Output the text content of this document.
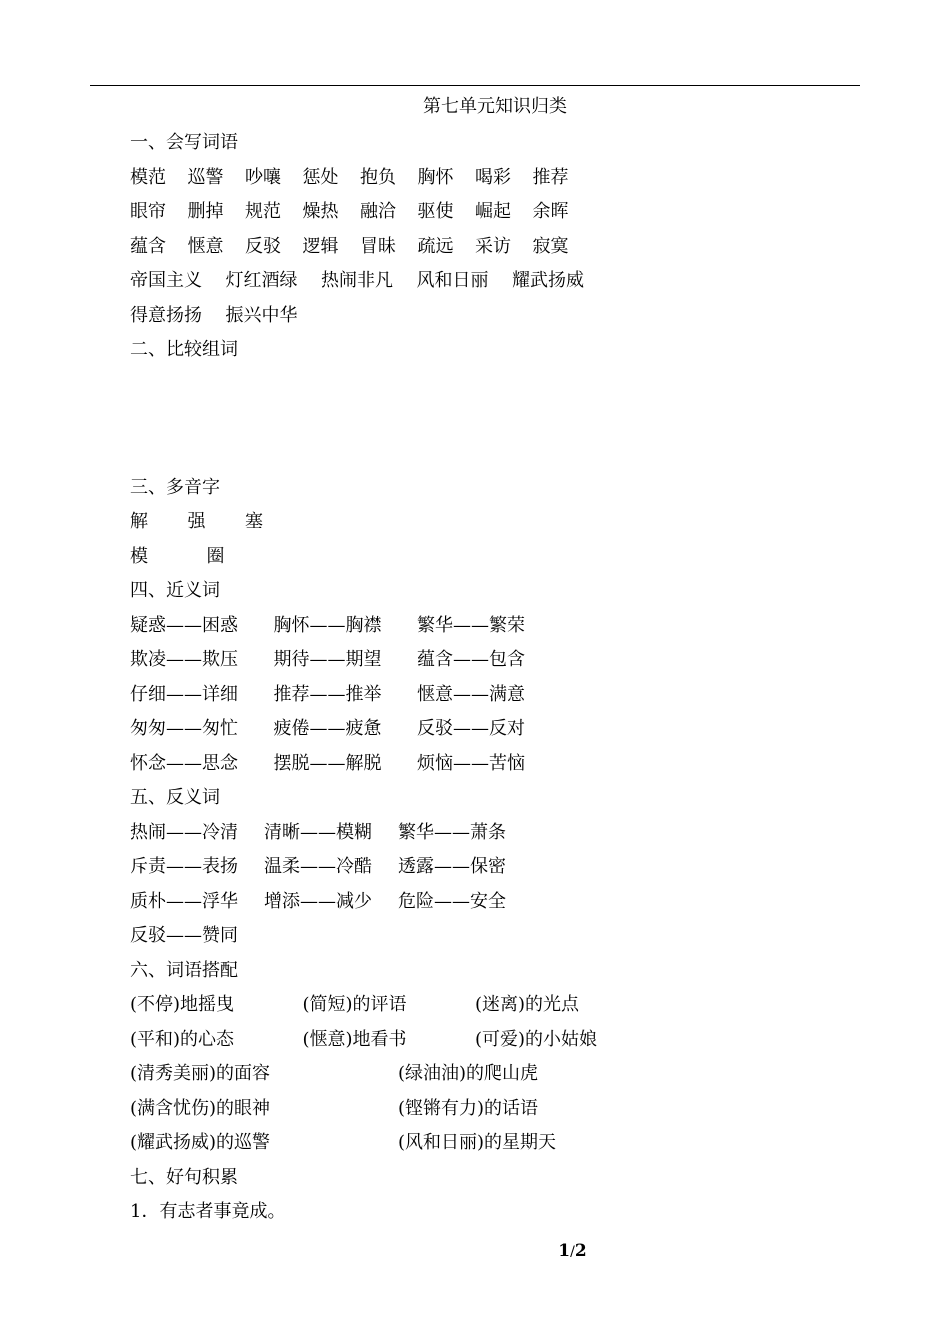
第七单元知识归类
一、会写词语
模范 巡警 吵嚷 惩处 抱负 胸怀 喝彩 推荐
眼帘 删掉 规范 燥热 融洽 驱使 崛起 余晖
蕴含 惬意 反驳 逻辑 冒昧 疏远 采访 寂寞
帝国主义 灯红酒绿 热闹非凡 风和日丽 耀武扬威
得意扬扬 振兴中华
二、比较组词
三、多音字
解 强 塞
模	圈
四、近义词
疑惑——困惑 胸怀——胸襟 繁华——繁荣
欺凌——欺压 期待——期望 蕴含——包含
仔细——详细 推荐——推举 惬意——满意
匆匆——匆忙 疲倦——疲惫 反驳——反对
怀念——思念 摆脱——解脱 烦恼——苦恼
五、反义词
热闹——冷清 清晰——模糊 繁华——萧条
斥责——表扬 温柔——冷酷 透露——保密
质朴——浮华 增添——减少 危险——安全
反驳——赞同
六、词语搭配
(不停)地摇曳	(简短)的评语	(迷离)的光点
(平和)的心态	(惬意)地看书	(可爱)的小姑娘
(清秀美丽)的面容	(绿油油)的爬山虎
(满含忧伤)的眼神	(铿锵有力)的话语
(耀武扬威)的巡警	(风和日丽)的星期天
七、好句积累
1．有志者事竟成。
1/2
